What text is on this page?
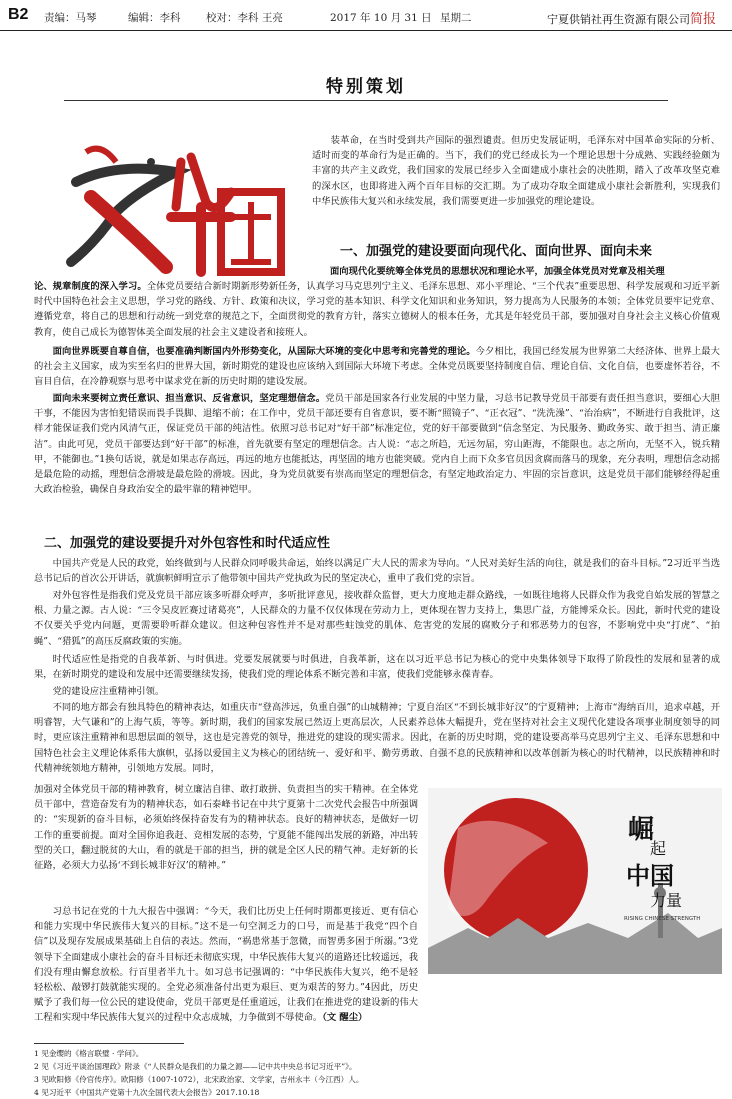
B2 责编：马琴	编辑：李科 校对：李科 王亮	2017 年 10 月 31 日 星期二	宁夏供销社再生资源有限公司简报
特别策划

装革命，在当时受到共产国际的强烈谴责。但历史发展证明，毛泽东对中国革命实际的分析、适时而变的革命行为是正确的。当下，我们的党已经成长为一个理论思想十分成熟、实践经验颇为丰富的共产主义政党，我们国家的发展已经步入全面建成小康社会的决胜期，踏入了改革攻坚克难的深水区，也即将进入两个百年目标的交汇期。为了成功夺取全面建成小康社会新胜利，实现我们中华民族伟大复兴和永续发展，我们需要更进一步加强党的理论建设。

一、加强党的建设要面向现代化、面向世界、面向未来

面向现代化要统筹全体党员的思想状况和理论水平，加强全体党员对党章及相关理

论、规章制度的深入学习。全体党员要结合新时期新形势新任务，认真学习马克思列宁主义、毛泽东思想、邓小平理论、“三个代表”重要思想、科学发展观和习近平新时代中国特色社会主义思想，学习党的路线、方针、政策和决议，学习党的基本知识、科学文化知识和业务知识，努力提高为人民服务的本领；全体党员要牢记党章、遵循党章，将自己的思想和行动统一到党章的规范之下，全面贯彻党的教育方针，落实立德树人的根本任务，尤其是年轻党员干部，要加强对自身社会主义核心价值观教育，使自己成长为德智体美全面发展的社会主义建设者和接班人。

面向世界既要自尊自信，也要准确判断国内外形势变化，从国际大环境的变化中思考和完善党的理论。今夕相比，我国已经发展为世界第二大经济体、世界上最大的社会主义国家，成为实至名归的世界大国，新时期党的建设也应该纳入到国际大环境下考虑。全体党员既要坚持制度自信、理论自信、文化自信，也要虚怀若谷，不盲目自信，在冷静观察与思考中谋求党在新的历史时期的建设发展。

面向未来要树立责任意识、担当意识、反省意识，坚定理想信念。党员干部是国家各行业发展的中坚力量，习总书记教导党员干部要有责任担当意识，要细心大胆干事，不能因为害怕犯错误而畏手畏脚、退缩不前；在工作中，党员干部还要有自省意识，要不断“照镜子”、“正衣冠”、“洗洗澡”、“治治病”，不断进行自我批评，这样才能保证我们党内风清气正，保证党员干部的纯洁性。依照习总书记对“好干部”标准定位，党的好干部要做到“信念坚定、为民服务、勤政务实、敢于担当、清正廉洁”。由此可见，党员干部要达到“好干部”的标准，首先就要有坚定的理想信念。古人说：“志之所趋，无远勿届，穷山距海，不能限也。志之所向，无坚不入，锐兵精甲，不能御也。”1换句话说，就是如果志存高远，再远的地方也能抵达，再坚固的地方也能突破。党内自上而下众多官员因贪腐而落马的现象，充分表明，理想信念动摇是最危险的动摇，理想信念滑坡是最危险的滑坡。因此，身为党员就要有崇高而坚定的理想信念，有坚定地政治定力、牢固的宗旨意识，这是党员干部们能够经得起重大政治检验，确保自身政治安全的最牢靠的精神铠甲。

二、加强党的建设要提升对外包容性和时代适应性

中国共产党是人民的政党，始终做到与人民群众同呼吸共命运，始终以满足广大人民的需求为导向。“人民对美好生活的向往，就是我们的奋斗目标。”2习近平当选总书记后的首次公开讲话，就旗帜鲜明宣示了他带领中国共产党执政为民的坚定决心，重申了我们党的宗旨。

对外包容性是指我们党及党员干部应该多听群众呼声，多听批评意见，接收群众监督，更大力度地走群众路线，一如既往地将人民群众作为我党自始发展的智慧之根、力量之源。古人说：“三令吴皮匠赛过诸葛亮”，人民群众的力量不仅仅体现在劳动力上，更体现在智力支持上，集思广益，方能博采众长。因此，新时代党的建设不仅要关乎党内问题，更需要聆听群众建议。但这种包容性并不是对那些蛀蚀党的肌体、危害党的发展的腐败分子和邪恶势力的包容，不影响党中央“打虎”、“拍蝇”、“猎狐”的高压反腐政策的实施。

时代适应性是指党的自我革新、与时俱进。党要发展就要与时俱进，自我革新，这在以习近平总书记为核心的党中央集体领导下取得了阶段性的发展和显著的成果，在新时期党的建设和发展中还需要继续发扬，使我们党的理论体系不断完善和丰富，使我们党能够永葆青春。

党的建设应注重精神引领。

不同的地方都会有独具特色的精神表达，如重庆市“登高涉远，负重自强”的山城精神；宁夏自治区“不到长城非好汉”的宁夏精神；上海市“海纳百川，追求卓越，开明睿智，大气谦和”的上海气质，等等。新时期，我们的国家发展已然迈上更高层次，人民素养总体大幅提升，党在坚持对社会主义现代化建设各项事业制度领导的同时，更应该注重精神和思想层面的领导，这也是完善党的领导，推进党的建设的现实需求。因此，在新的历史时期，党的建设要高举马克思列宁主义、毛泽东思想和中国特色社会主义理论体系伟大旗帜，弘扬以爱国主义为核心的团结统一、爱好和平、勤劳勇敢、自强不息的民族精神和以改革创新为核心的时代精神，以民族精神和时代精神统领地方精神，引领地方发展。同时，

加强对全体党员干部的精神教育，树立廉洁自律、敢打敢拼、负责担当的实干精神。在全体党员干部中，营造奋发有为的精神状态，如石泰峰书记在中共宁夏第十二次党代会报告中所强调的：“实现新的奋斗目标，必须始终保持奋发有为的精神状态。良好的精神状态，是做好一切工作的重要前提。面对全国你追我赶、竞相发展的态势，宁夏能不能闯出发展的新路，冲出转型的关口，翻过脱贫的大山，看的就是干部的担当，拼的就是全区人民的精气神。走好新的长征路，必须大力弘扬‘不到长城非好汉’的精神。”

习总书记在党的十九大报告中强调：“今天，我们比历史上任何时期都更接近、更有信心和能力实现中华民族伟大复兴的目标。”这不是一句空洞乏力的口号，而是基于我党“四个自信”以及现存发展成果基础上自信的表达。然而，“祸患常基于忽微，而智勇多困于所溺。”3党领导下全面建成小康社会的奋斗目标还未彻底实现，中华民族伟大复兴的道路还比较遥远，我们没有理由懈怠放松。行百里者半九十。如习总书记强调的：“中华民族伟大复兴，绝不是轻轻松松、敲锣打鼓就能实现的。全党必须准备付出更为艰巨、更为艰苦的努力。”4因此，历史赋予了我们每一位公民的建设使命，党员干部更是任重道远，让我们在推进党的建设新的伟大工程和实现中华民族伟大复兴的过程中众志成城，力争做到不辱使命。（文 醒尘）

崛
起
中国
力量
RISING CHINESE STRENGTH
1 见金缨的《格言联璧 · 学问》。
2 见《习近平谈治国理政》附录《“人民群众是我们的力量之源——记中共中央总书记习近平”》。
3 见欧阳修《伶官传序》。欧阳修（1007-1072），北宋政治家、文学家，吉州永丰（今江西）人。
4 见习近平《中国共产党第十九次全国代表大会报告》2017.10.18
